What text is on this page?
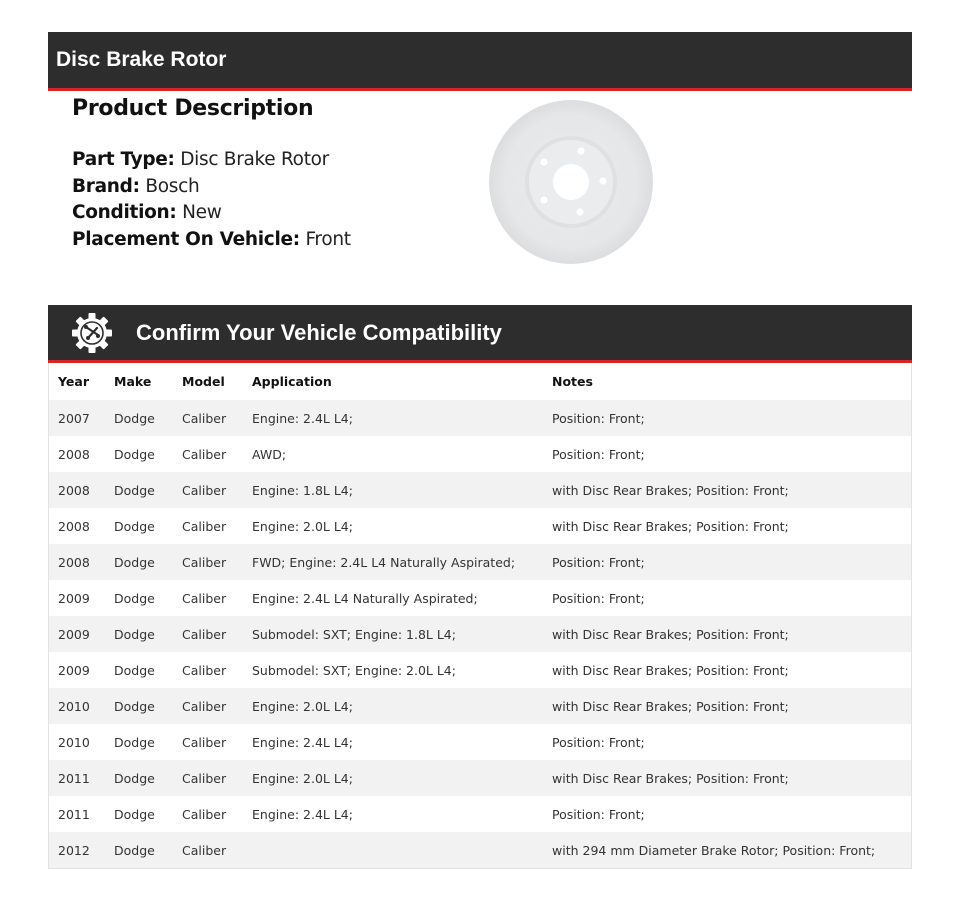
Disc Brake Rotor
Product Description
Part Type: Disc Brake Rotor
Brand: Bosch
Condition: New
Placement On Vehicle: Front
Confirm Your Vehicle Compatibility
Year	Make	Model	Application	Notes
2007	Dodge	Caliber	Engine: 2.4L L4;	Position: Front;
2008	Dodge	Caliber	AWD;	Position: Front;
2008	Dodge	Caliber	Engine: 1.8L L4;	with Disc Rear Brakes; Position: Front;
2008	Dodge	Caliber	Engine: 2.0L L4;	with Disc Rear Brakes; Position: Front;
2008	Dodge	Caliber	FWD; Engine: 2.4L L4 Naturally Aspirated;	Position: Front;
2009	Dodge	Caliber	Engine: 2.4L L4 Naturally Aspirated;	Position: Front;
2009	Dodge	Caliber	Submodel: SXT; Engine: 1.8L L4;	with Disc Rear Brakes; Position: Front;
2009	Dodge	Caliber	Submodel: SXT; Engine: 2.0L L4;	with Disc Rear Brakes; Position: Front;
2010	Dodge	Caliber	Engine: 2.0L L4;	with Disc Rear Brakes; Position: Front;
2010	Dodge	Caliber	Engine: 2.4L L4;	Position: Front;
2011	Dodge	Caliber	Engine: 2.0L L4;	with Disc Rear Brakes; Position: Front;
2011	Dodge	Caliber	Engine: 2.4L L4;	Position: Front;
2012	Dodge	Caliber		with 294 mm Diameter Brake Rotor; Position: Front;
